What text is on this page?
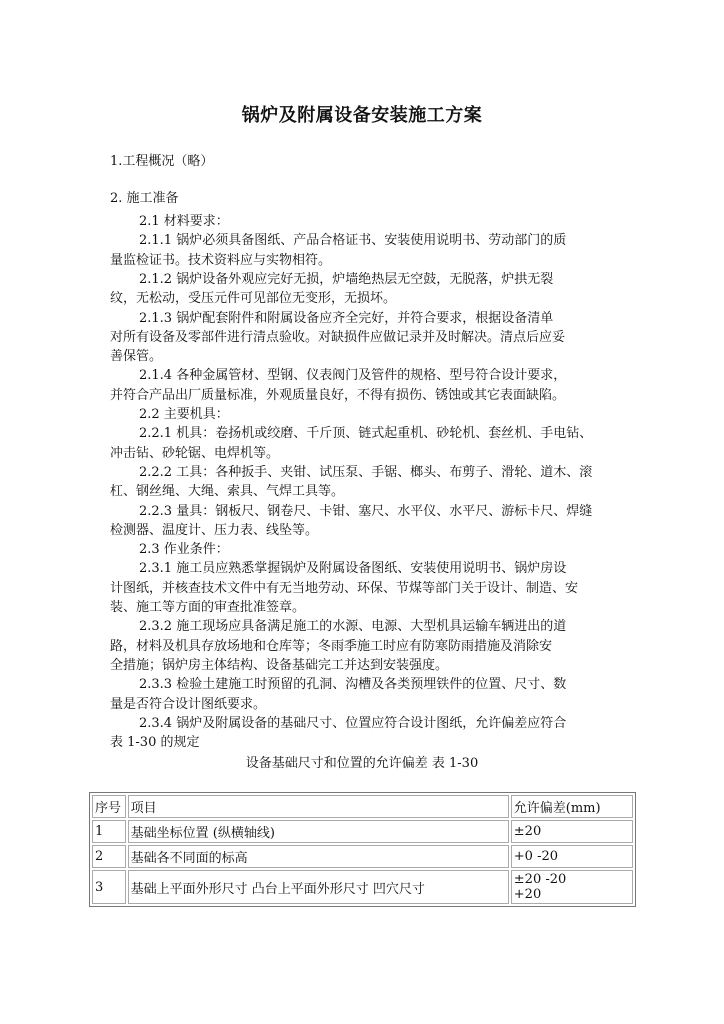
锅炉及附属设备安装施工方案
1.工程概况（略）
2. 施工准备
2.1 材料要求：
2.1.1 锅炉必须具备图纸、产品合格证书、安装使用说明书、劳动部门的质
量监检证书。技术资料应与实物相符。
2.1.2 锅炉设备外观应完好无损，炉墙绝热层无空鼓，无脱落，炉拱无裂
纹，无松动，受压元件可见部位无变形，无损坏。
2.1.3 锅炉配套附件和附属设备应齐全完好，并符合要求，根据设备清单
对所有设备及零部件进行清点验收。对缺损件应做记录并及时解决。清点后应妥
善保管。
2.1.4 各种金属管材、型钢、仪表阀门及管件的规格、型号符合设计要求，
并符合产品出厂质量标准，外观质量良好，不得有损伤、锈蚀或其它表面缺陷。
2.2 主要机具：
2.2.1 机具：卷扬机或绞磨、千斤顶、链式起重机、砂轮机、套丝机、手电钻、
冲击钻、砂轮锯、电焊机等。
2.2.2 工具：各种扳手、夹钳、试压泵、手锯、榔头、布剪子、滑轮、道木、滚
杠、钢丝绳、大绳、索具、气焊工具等。
2.2.3 量具：钢板尺、钢卷尺、卡钳、塞尺、水平仪、水平尺、游标卡尺、焊缝
检测器、温度计、压力表、线坠等。
2.3 作业条件：
2.3.1 施工员应熟悉掌握锅炉及附属设备图纸、安装使用说明书、锅炉房设
计图纸，并核查技术文件中有无当地劳动、环保、节煤等部门关于设计、制造、安
装、施工等方面的审查批准签章。
2.3.2 施工现场应具备满足施工的水源、电源、大型机具运输车辆进出的道
路，材料及机具存放场地和仓库等；冬雨季施工时应有防寒防雨措施及消除安
全措施；锅炉房主体结构、设备基础完工并达到安装强度。
2.3.3 检验土建施工时预留的孔洞、沟槽及各类预埋铁件的位置、尺寸、数
量是否符合设计图纸要求。
2.3.4 锅炉及附属设备的基础尺寸、位置应符合设计图纸，允许偏差应符合
表 1-30 的规定
设备基础尺寸和位置的允许偏差 表 1-30
序号	项目	允许偏差(mm)
1	基础坐标位置 (纵横轴线)	±20
2	基础各不同面的标高	+0 -20
3	基础上平面外形尺寸 凸台上平面外形尺寸 凹穴尺寸	±20 -20
+20
